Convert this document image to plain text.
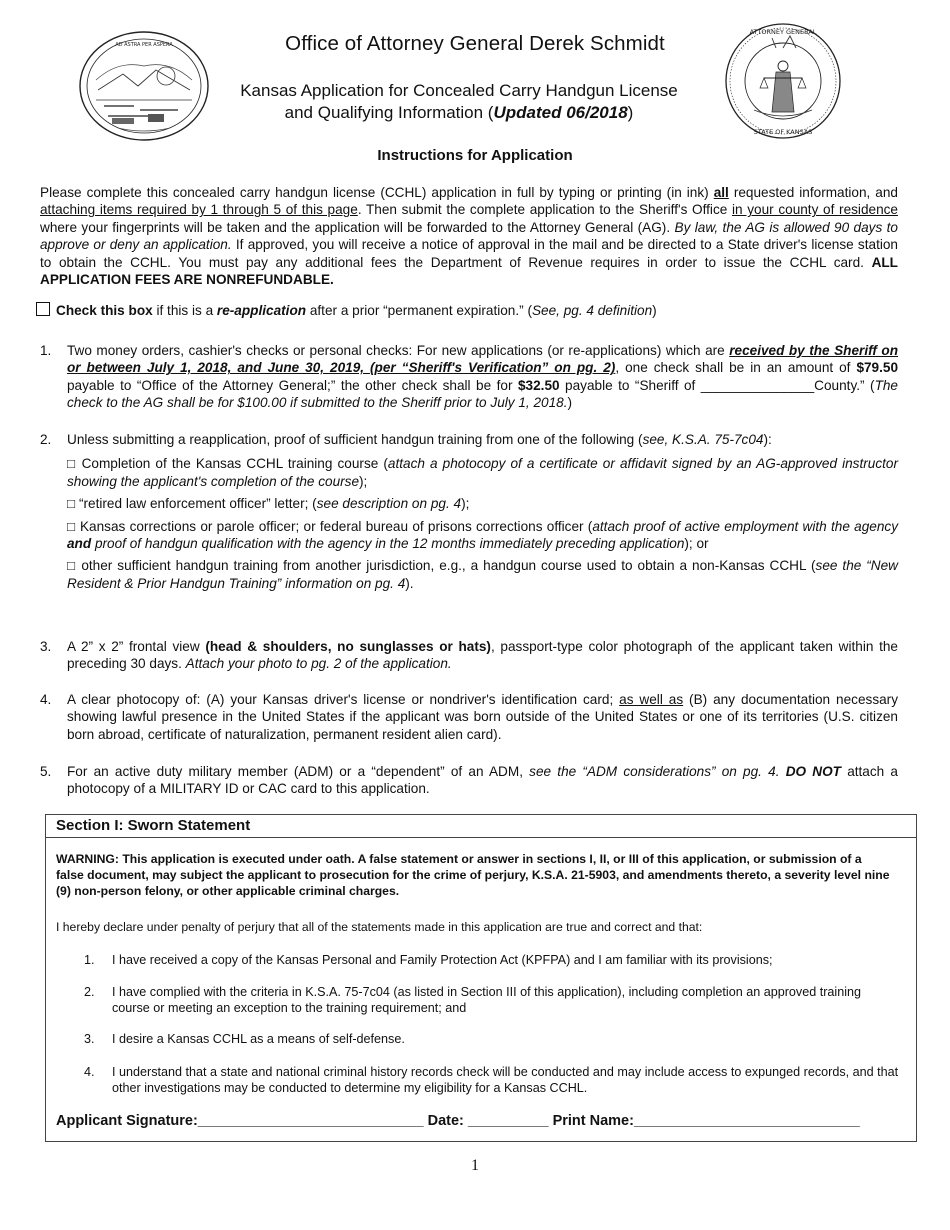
AD ASTRA PER ASPERA
ATTORNEY GENERAL
STATE OF KANSAS
Office of Attorney General Derek Schmidt
Kansas Application for Concealed Carry Handgun License
and Qualifying Information (Updated 06/2018)
Instructions for Application
Please complete this concealed carry handgun license (CCHL) application in full by typing or printing (in ink) all requested information, and attaching items required by 1 through 5 of this page. Then submit the complete application to the Sheriff's Office in your county of residence where your fingerprints will be taken and the application will be forwarded to the Attorney General (AG). By law, the AG is allowed 90 days to approve or deny an application. If approved, you will receive a notice of approval in the mail and be directed to a State driver's license station to obtain the CCHL. You must pay any additional fees the Department of Revenue requires in order to issue the CCHL card. ALL APPLICATION FEES ARE NONREFUNDABLE.
Check this box if this is a re-application after a prior “permanent expiration.” (See, pg. 4 definition)
1. Two money orders, cashier's checks or personal checks: For new applications (or re-applications) which are received by the Sheriff on or between July 1, 2018, and June 30, 2019, (per “Sheriff's Verification” on pg. 2), one check shall be in an amount of $79.50 payable to “Office of the Attorney General;” the other check shall be for $32.50 payable to “Sheriff of _______________County.” (The check to the AG shall be for $100.00 if submitted to the Sheriff prior to July 1, 2018.)
2. Unless submitting a reapplication, proof of sufficient handgun training from one of the following (see, K.S.A. 75-7c04):
□ Completion of the Kansas CCHL training course (attach a photocopy of a certificate or affidavit signed by an AG-approved instructor showing the applicant's completion of the course);
□ “retired law enforcement officer” letter; (see description on pg. 4);
□ Kansas corrections or parole officer; or federal bureau of prisons corrections officer (attach proof of active employment with the agency and proof of handgun qualification with the agency in the 12 months immediately preceding application); or
□ other sufficient handgun training from another jurisdiction, e.g., a handgun course used to obtain a non-Kansas CCHL (see the “New Resident & Prior Handgun Training” information on pg. 4).
3. A 2” x 2” frontal view (head & shoulders, no sunglasses or hats), passport-type color photograph of the applicant taken within the preceding 30 days. Attach your photo to pg. 2 of the application.
4. A clear photocopy of: (A) your Kansas driver's license or nondriver's identification card; as well as (B) any documentation necessary showing lawful presence in the United States if the applicant was born outside of the United States or one of its territories (U.S. citizen born abroad, certificate of naturalization, permanent resident alien card).
5. For an active duty military member (ADM) or a “dependent” of an ADM, see the “ADM considerations” on pg. 4. DO NOT attach a photocopy of a MILITARY ID or CAC card to this application.
Section I: Sworn Statement
WARNING: This application is executed under oath. A false statement or answer in sections I, II, or III of this application, or submission of a false document, may subject the applicant to prosecution for the crime of perjury, K.S.A. 21-5903, and amendments thereto, a severity level nine (9) non-person felony, or other applicable criminal charges.
I hereby declare under penalty of perjury that all of the statements made in this application are true and correct and that:
1. I have received a copy of the Kansas Personal and Family Protection Act (KPFPA) and I am familiar with its provisions;
2. I have complied with the criteria in K.S.A. 75-7c04 (as listed in Section III of this application), including completion an approved training course or meeting an exception to the training requirement; and
3. I desire a Kansas CCHL as a means of self-defense.
4. I understand that a state and national criminal history records check will be conducted and may include access to expunged records, and that other investigations may be conducted to determine my eligibility for a Kansas CCHL.
Applicant Signature:____________________________ Date: __________ Print Name:____________________________
1
